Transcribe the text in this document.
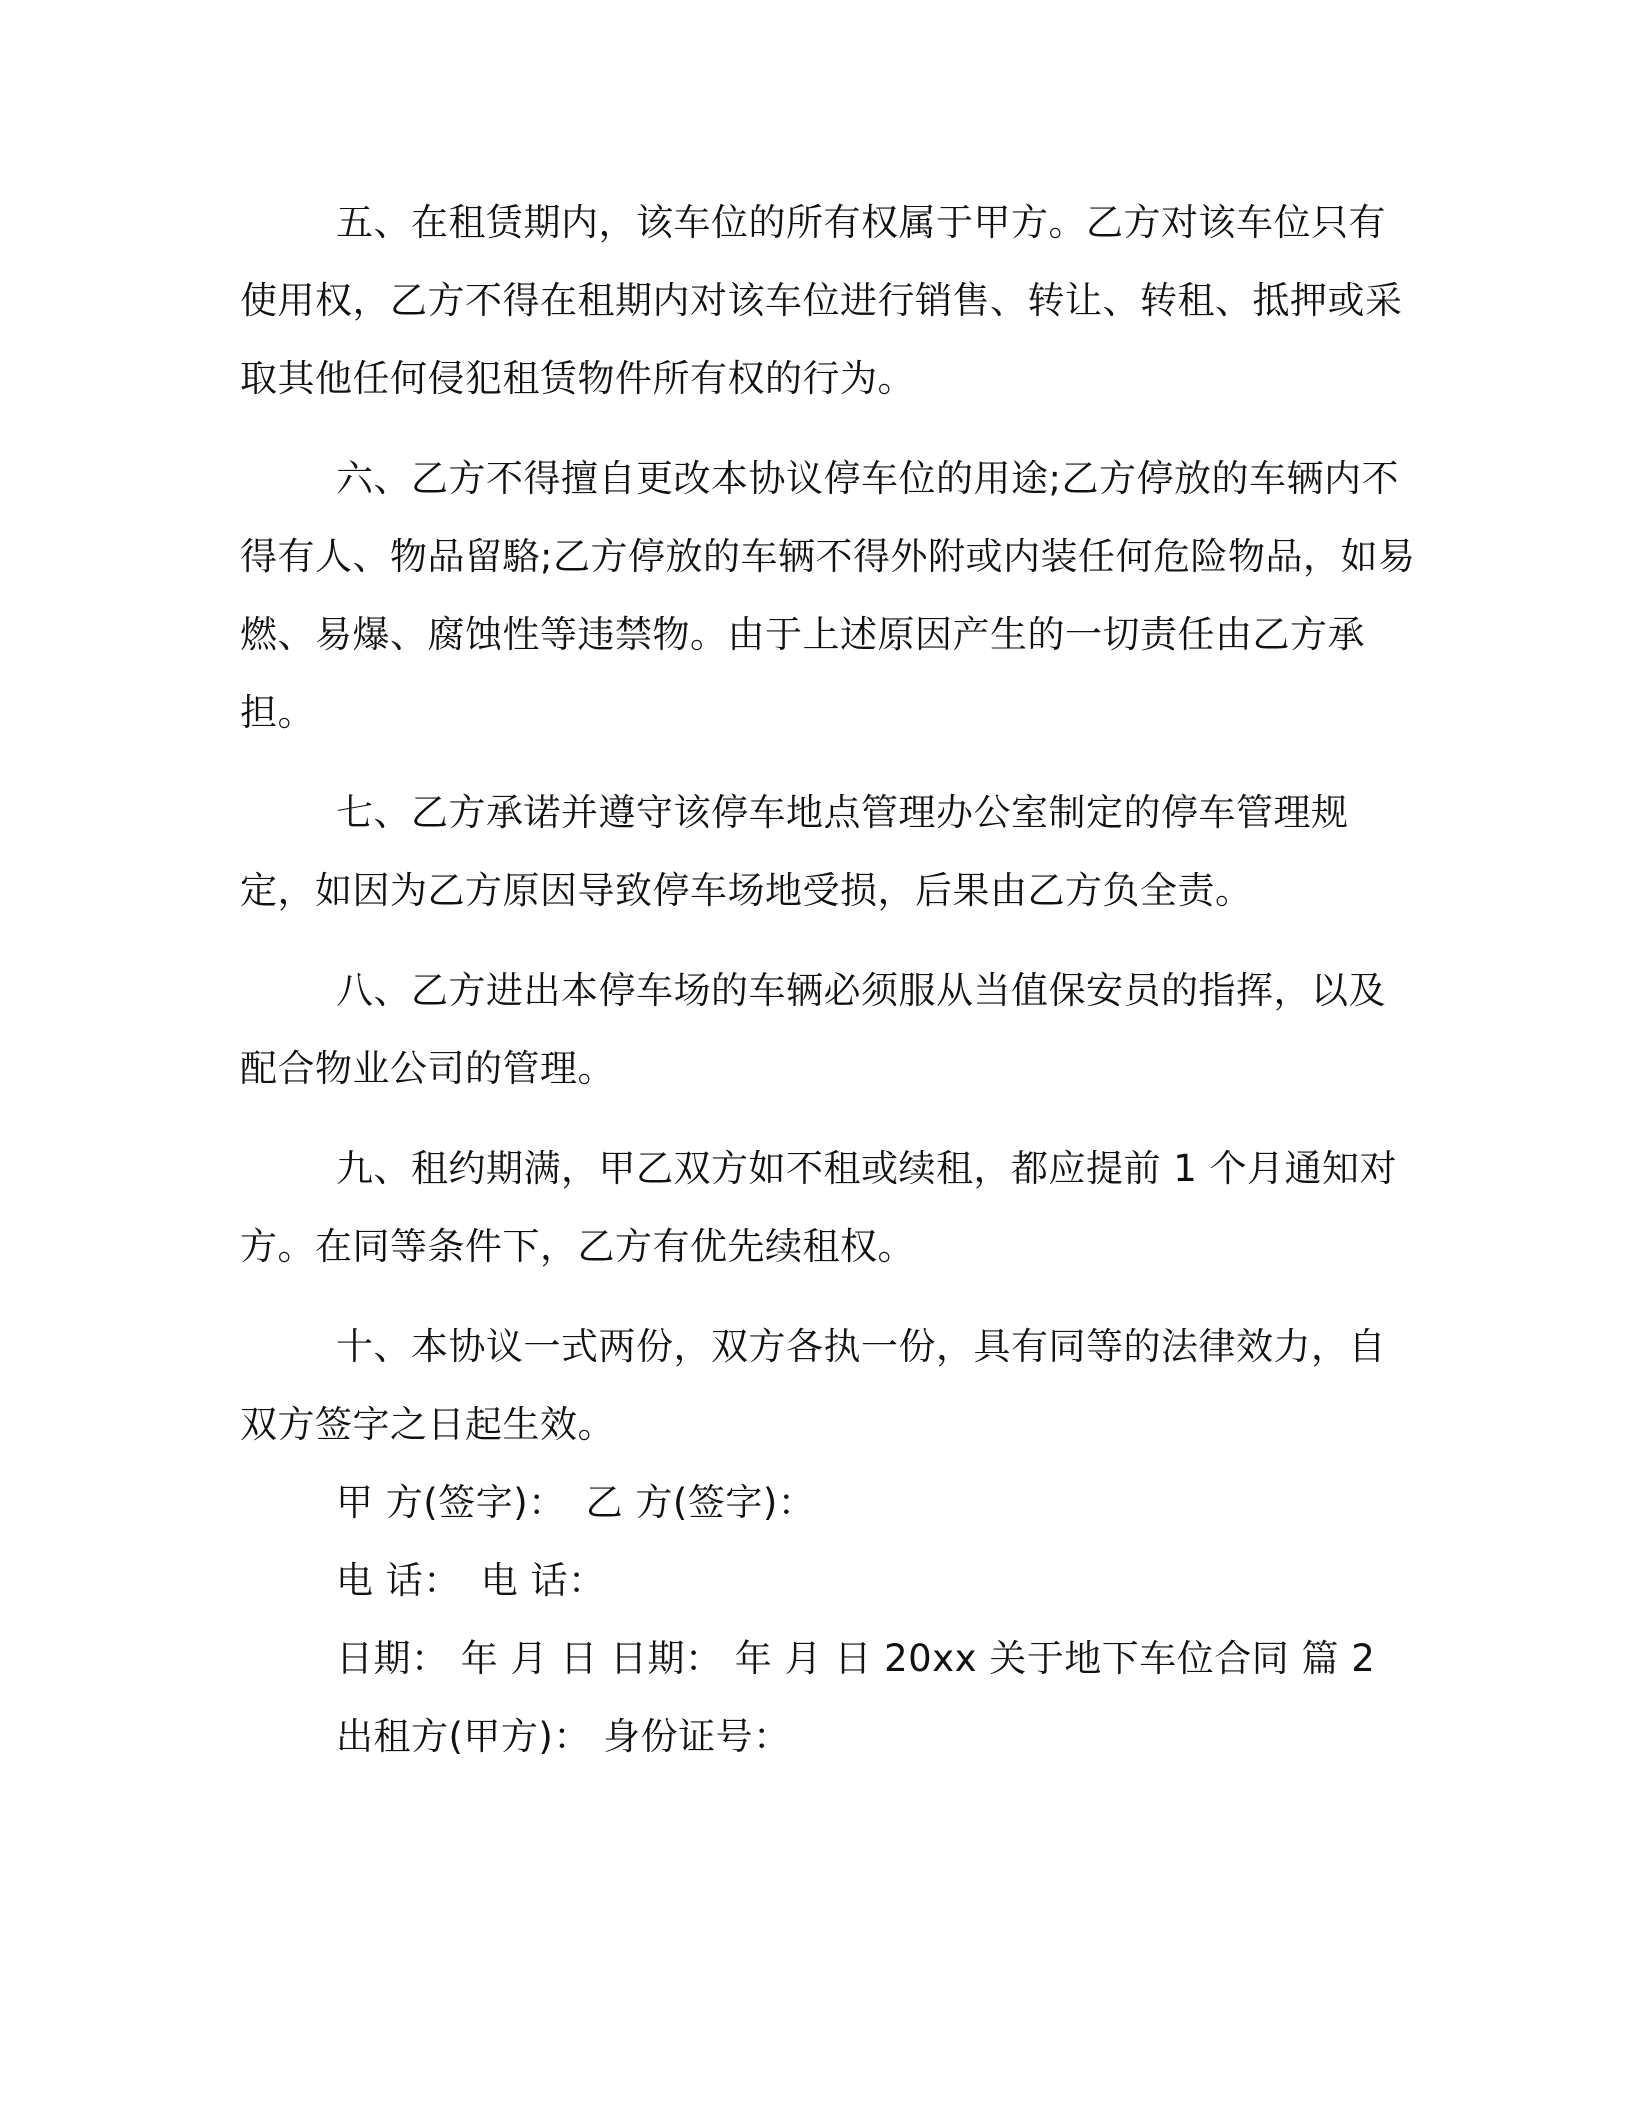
五、在租赁期内，该车位的所有权属于甲方。乙方对该车位只有使用权，乙方不得在租期内对该车位进行销售、转让、转租、抵押或采取其他任何侵犯租赁物件所有权的行为。

六、乙方不得擅自更改本协议停车位的用途;乙方停放的车辆内不得有人、物品留駱;乙方停放的车辆不得外附或内装任何危险物品，如易燃、易爆、腐蚀性等违禁物。由于上述原因产生的一切责任由乙方承担。

七、乙方承诺并遵守该停车地点管理办公室制定的停车管理规定，如因为乙方原因导致停车场地受损，后果由乙方负全责。

八、乙方进出本停车场的车辆必须服从当值保安员的指挥，以及配合物业公司的管理。

九、租约期满，甲乙双方如不租或续租，都应提前 1 个月通知对方。在同等条件下，乙方有优先续租权。

十、本协议一式两份，双方各执一份，具有同等的法律效力，自双方签字之日起生效。

甲 方(签字)： 乙 方(签字)：

电 话： 电 话：

日期： 年 月 日 日期： 年 月 日 20xx 关于地下车位合同 篇 2

出租方(甲方)： 身份证号：
